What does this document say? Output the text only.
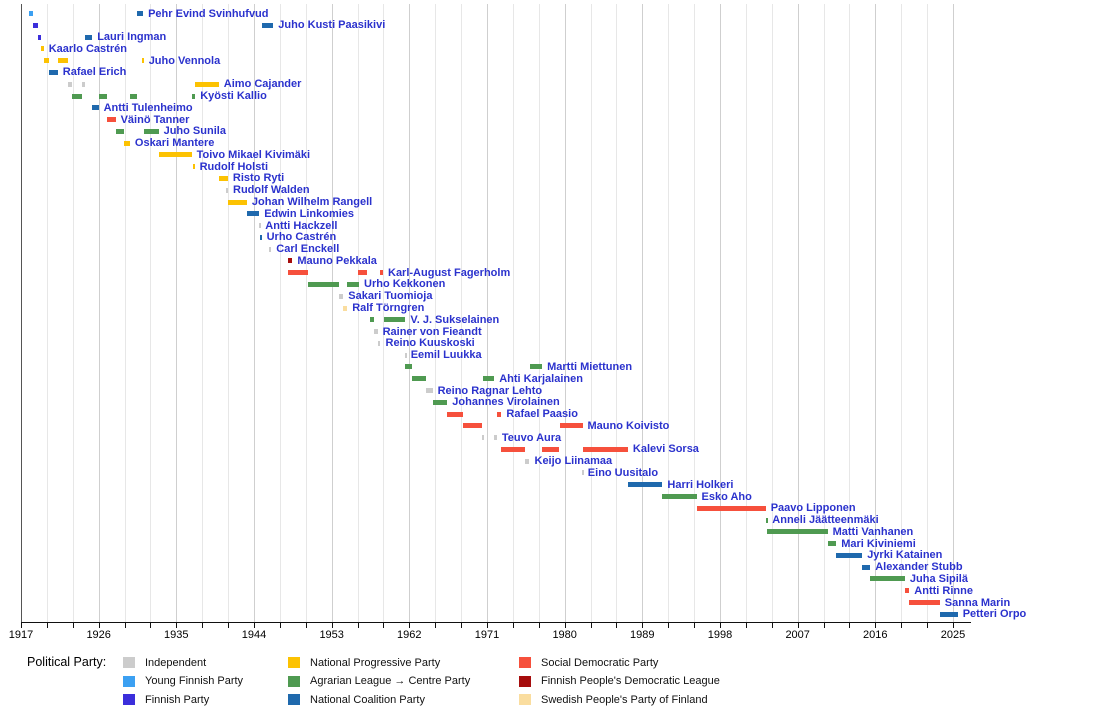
1917	1926	1935	1944	1953	1962	1971	1980	1989	1998	2007	2016	2025
Pehr Evind Svinhufvud
Juho Kusti Paasikivi
Lauri Ingman
Kaarlo Castrén
Juho Vennola
Rafael Erich
Aimo Cajander
Kyösti Kallio
Antti Tulenheimo
Väinö Tanner
Juho Sunila
Oskari Mantere
Toivo Mikael Kivimäki
Rudolf Holsti
Risto Ryti
Rudolf Walden
Johan Wilhelm Rangell
Edwin Linkomies
Antti Hackzell
Urho Castrén
Carl Enckell
Mauno Pekkala
Karl-August Fagerholm
Urho Kekkonen
Sakari Tuomioja
Ralf Törngren
V. J. Sukselainen
Rainer von Fieandt
Reino Kuuskoski
Eemil Luukka
Martti Miettunen
Ahti Karjalainen
Reino Ragnar Lehto
Johannes Virolainen
Rafael Paasio
Mauno Koivisto
Teuvo Aura
Kalevi Sorsa
Keijo Liinamaa
Eino Uusitalo
Harri Holkeri
Esko Aho
Paavo Lipponen
Anneli Jäätteenmäki
Matti Vanhanen
Mari Kiviniemi
Jyrki Katainen
Alexander Stubb
Juha Sipilä
Antti Rinne
Sanna Marin
Petteri Orpo
Political Party:	Independent
Young Finnish Party
Finnish Party
National Progressive Party
Agrarian League → Centre Party
National Coalition Party
Social Democratic Party
Finnish People's Democratic League
Swedish People's Party of Finland
